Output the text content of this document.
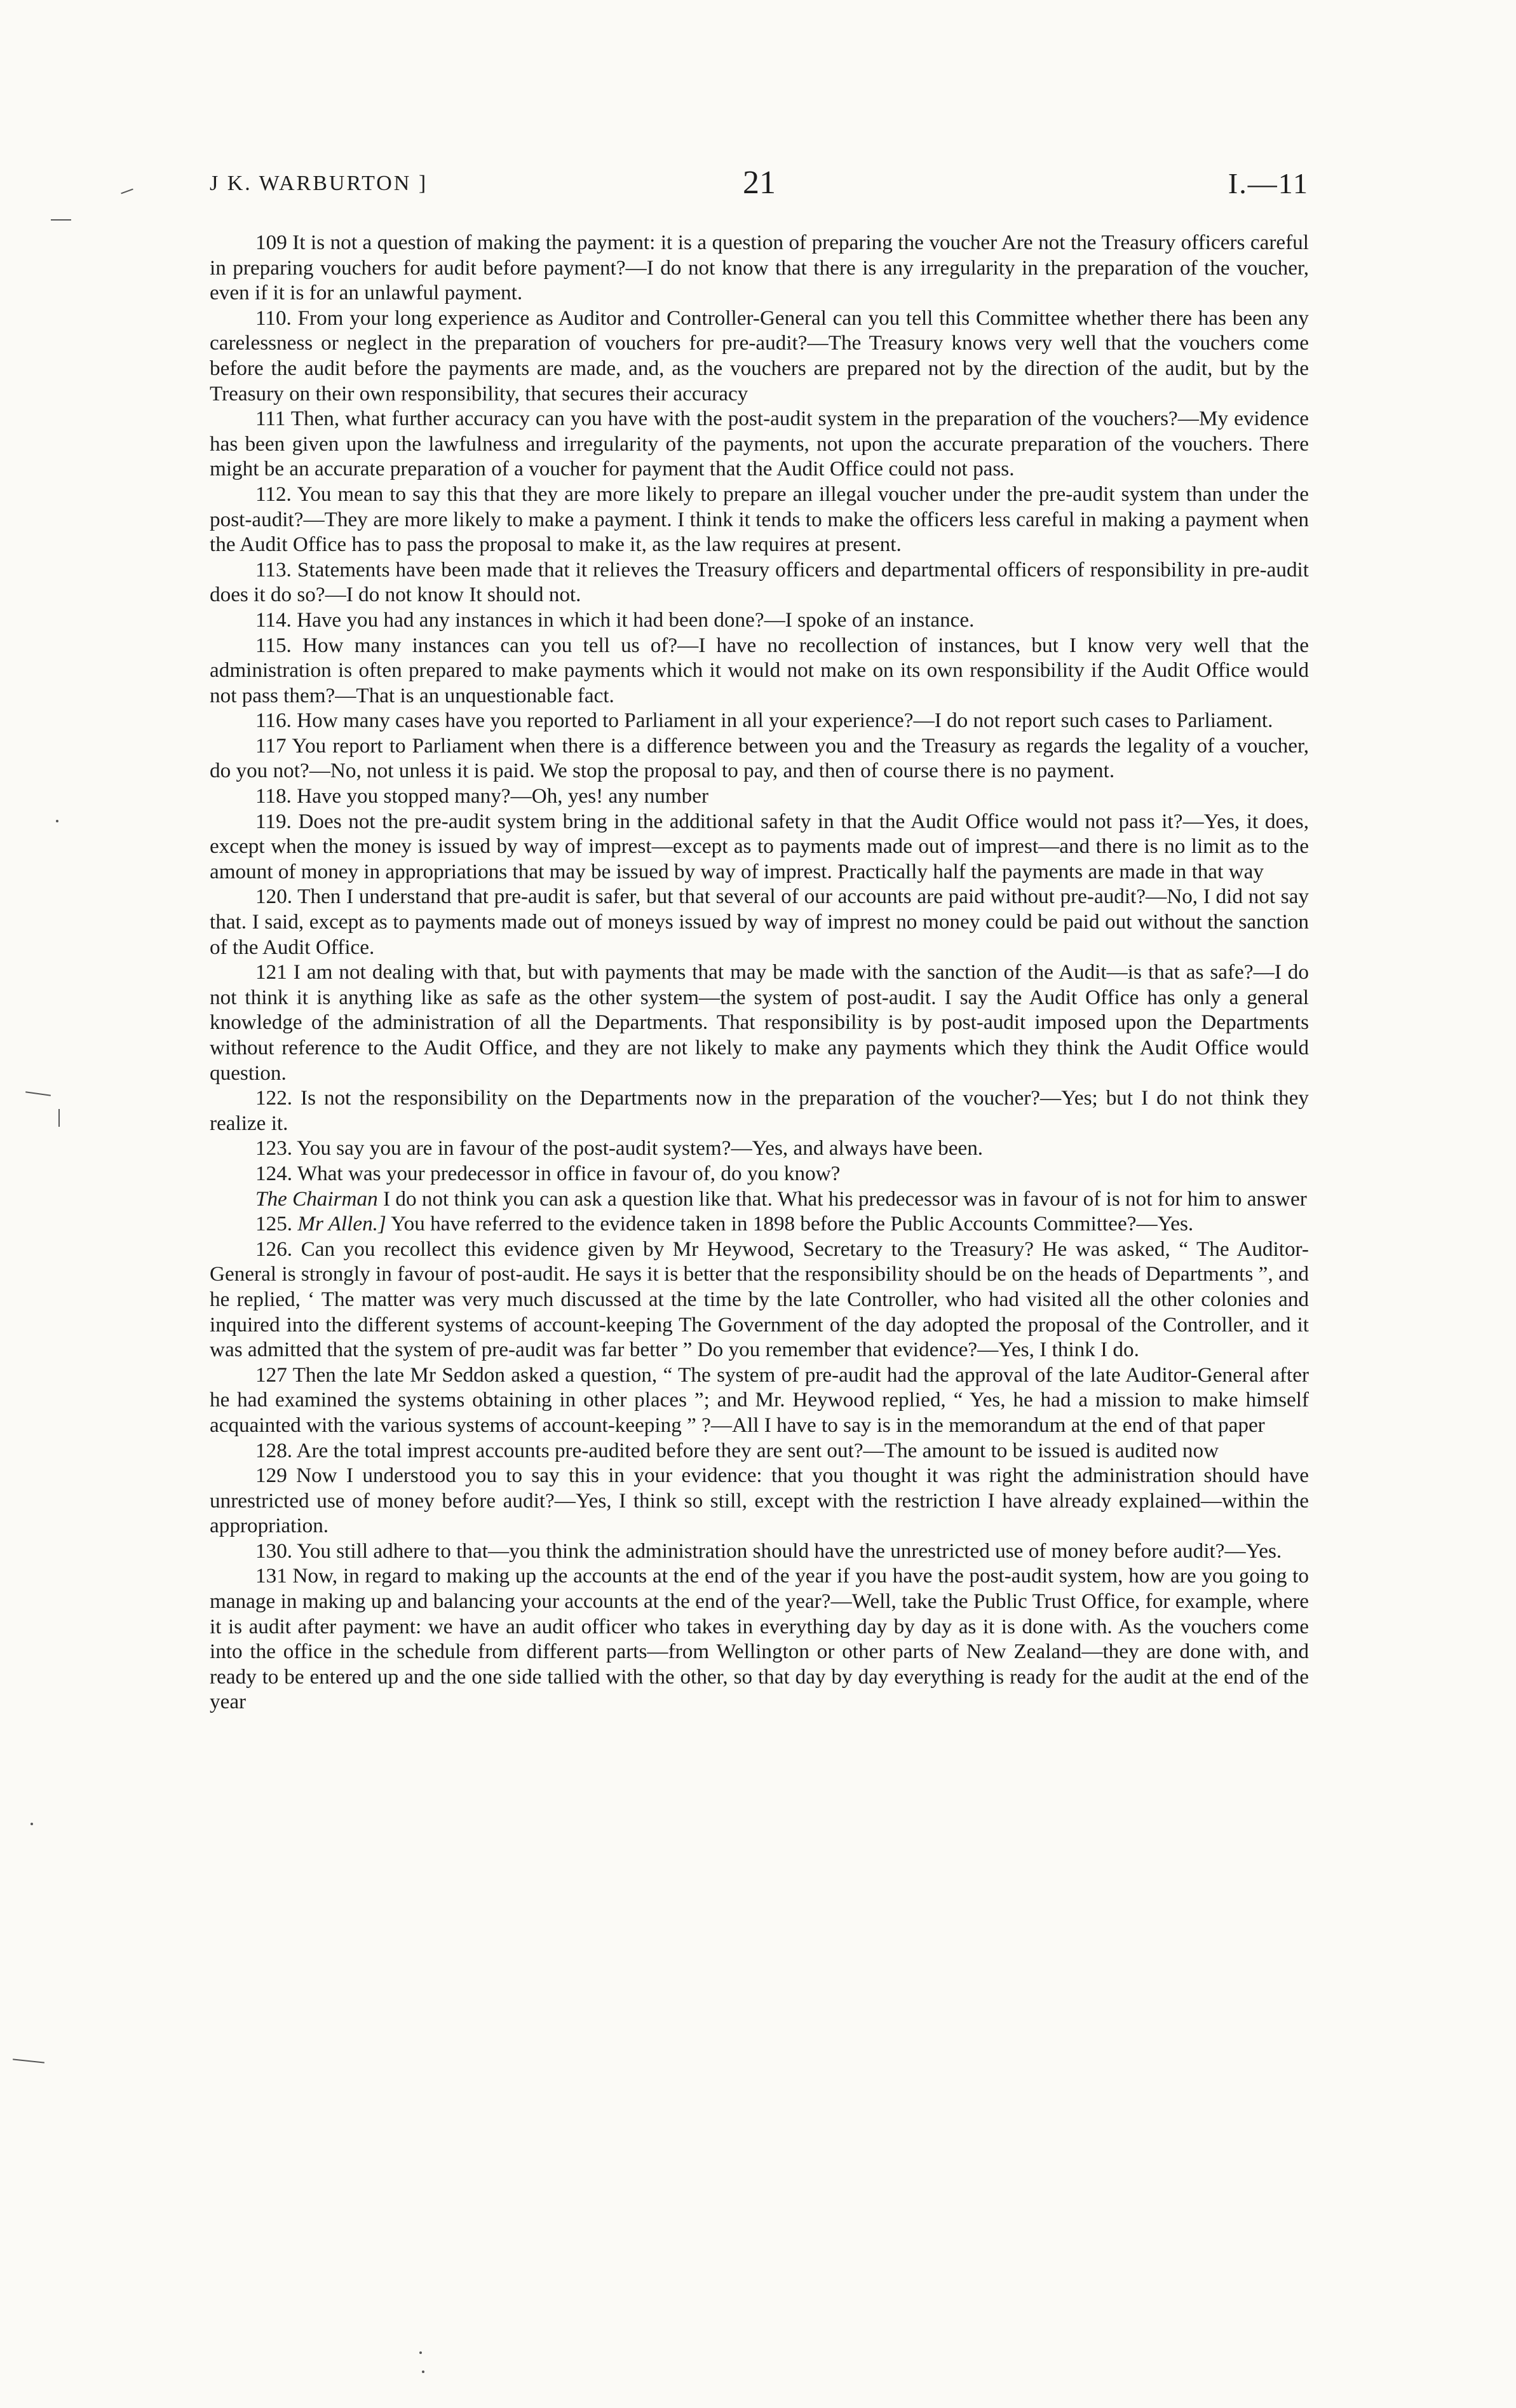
J K. WARBURTON ]	21	I.—11

109 It is not a question of making the payment: it is a question of preparing the voucher Are not the Treasury officers careful in preparing vouchers for audit before payment?—I do not know that there is any irregularity in the preparation of the voucher, even if it is for an unlawful payment.

110. From your long experience as Auditor and Controller-General can you tell this Committee whether there has been any carelessness or neglect in the preparation of vouchers for pre-audit?—The Treasury knows very well that the vouchers come before the audit before the payments are made, and, as the vouchers are prepared not by the direction of the audit, but by the Treasury on their own responsibility, that secures their accuracy

111 Then, what further accuracy can you have with the post-audit system in the preparation of the vouchers?—My evidence has been given upon the lawfulness and irregularity of the payments, not upon the accurate preparation of the vouchers. There might be an accurate preparation of a voucher for payment that the Audit Office could not pass.

112. You mean to say this that they are more likely to prepare an illegal voucher under the pre-audit system than under the post-audit?—They are more likely to make a payment. I think it tends to make the officers less careful in making a payment when the Audit Office has to pass the proposal to make it, as the law requires at present.

113. Statements have been made that it relieves the Treasury officers and departmental officers of responsibility in pre-audit does it do so?—I do not know It should not.

114. Have you had any instances in which it had been done?—I spoke of an instance.

115. How many instances can you tell us of?—I have no recollection of instances, but I know very well that the administration is often prepared to make payments which it would not make on its own responsibility if the Audit Office would not pass them?—That is an unquestionable fact.

116. How many cases have you reported to Parliament in all your experience?—I do not report such cases to Parliament.

117 You report to Parliament when there is a difference between you and the Treasury as regards the legality of a voucher, do you not?—No, not unless it is paid. We stop the proposal to pay, and then of course there is no payment.

118. Have you stopped many?—Oh, yes! any number

119. Does not the pre-audit system bring in the additional safety in that the Audit Office would not pass it?—Yes, it does, except when the money is issued by way of imprest—except as to payments made out of imprest—and there is no limit as to the amount of money in appropriations that may be issued by way of imprest. Practically half the payments are made in that way

120. Then I understand that pre-audit is safer, but that several of our accounts are paid without pre-audit?—No, I did not say that. I said, except as to payments made out of moneys issued by way of imprest no money could be paid out without the sanction of the Audit Office.

121 I am not dealing with that, but with payments that may be made with the sanction of the Audit—is that as safe?—I do not think it is anything like as safe as the other system—the system of post-audit. I say the Audit Office has only a general knowledge of the administration of all the Departments. That responsibility is by post-audit imposed upon the Departments without reference to the Audit Office, and they are not likely to make any payments which they think the Audit Office would question.

122. Is not the responsibility on the Departments now in the preparation of the voucher?—Yes; but I do not think they realize it.

123. You say you are in favour of the post-audit system?—Yes, and always have been.

124. What was your predecessor in office in favour of, do you know?

The Chairman I do not think you can ask a question like that. What his predecessor was in favour of is not for him to answer

125. Mr Allen.] You have referred to the evidence taken in 1898 before the Public Accounts Committee?—Yes.

126. Can you recollect this evidence given by Mr Heywood, Secretary to the Treasury? He was asked, “ The Auditor-General is strongly in favour of post-audit. He says it is better that the responsibility should be on the heads of Departments ”, and he replied, ‘ The matter was very much discussed at the time by the late Controller, who had visited all the other colonies and inquired into the different systems of account-keeping The Government of the day adopted the proposal of the Controller, and it was admitted that the system of pre-audit was far better ” Do you remember that evidence?—Yes, I think I do.

127 Then the late Mr Seddon asked a question, “ The system of pre-audit had the approval of the late Auditor-General after he had examined the systems obtaining in other places ”; and Mr. Heywood replied, “ Yes, he had a mission to make himself acquainted with the various systems of account-keeping ” ?—All I have to say is in the memorandum at the end of that paper

128. Are the total imprest accounts pre-audited before they are sent out?—The amount to be issued is audited now

129 Now I understood you to say this in your evidence: that you thought it was right the administration should have unrestricted use of money before audit?—Yes, I think so still, except with the restriction I have already explained—within the appropriation.

130. You still adhere to that—you think the administration should have the unrestricted use of money before audit?—Yes.

131 Now, in regard to making up the accounts at the end of the year if you have the post-audit system, how are you going to manage in making up and balancing your accounts at the end of the year?—Well, take the Public Trust Office, for example, where it is audit after payment: we have an audit officer who takes in everything day by day as it is done with. As the vouchers come into the office in the schedule from different parts—from Wellington or other parts of New Zealand—they are done with, and ready to be entered up and the one side tallied with the other, so that day by day everything is ready for the audit at the end of the year
